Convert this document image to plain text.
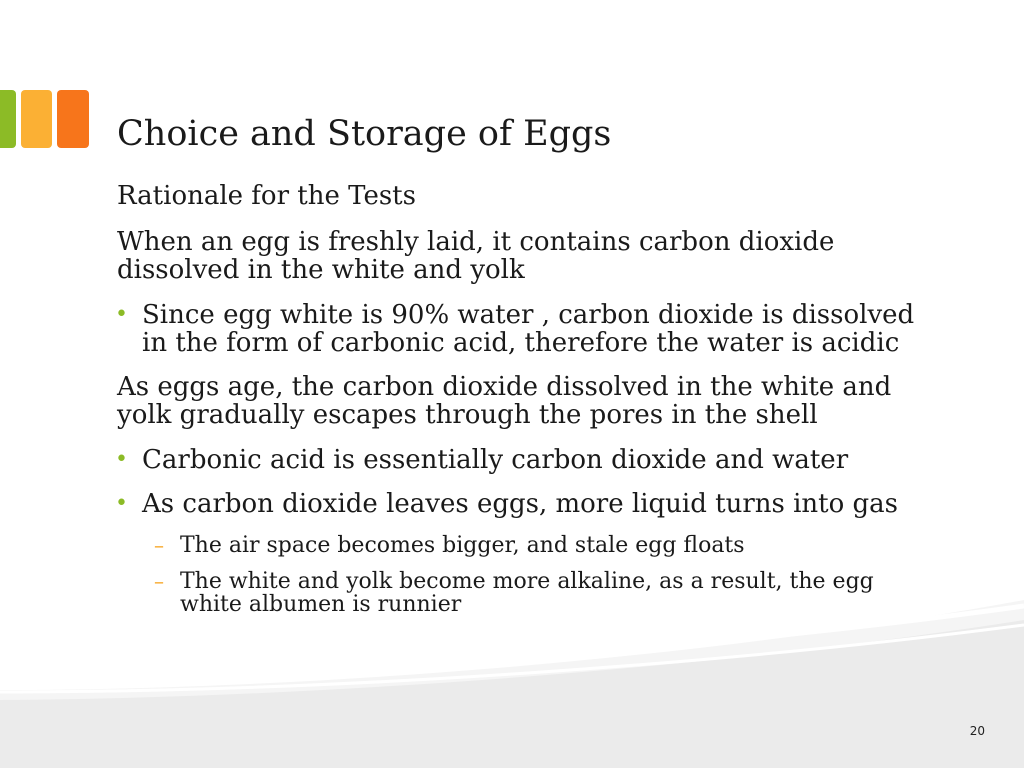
Choice and Storage of Eggs

Rationale for the Tests

When an egg is freshly laid, it contains carbon dioxide dissolved in the white and yolk

• Since egg white is 90% water , carbon dioxide is dissolved in the form of carbonic acid, therefore the water is acidic

As eggs age, the carbon dioxide dissolved in the white and yolk gradually escapes through the pores in the shell

• Carbonic acid is essentially carbon dioxide and water
• As carbon dioxide leaves eggs, more liquid turns into gas
– The air space becomes bigger, and stale egg floats
– The white and yolk become more alkaline, as a result, the egg white albumen is runnier
20
